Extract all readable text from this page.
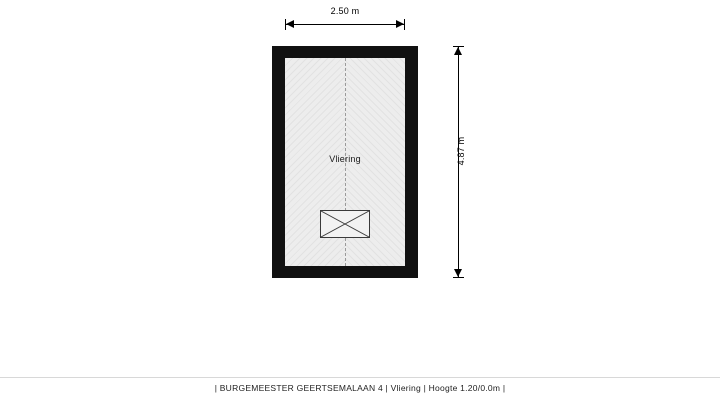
2.50 m
4.87 m
Vliering
| BURGEMEESTER GEERTSEMALAAN 4 | Vliering | Hoogte 1.20/0.0m |
